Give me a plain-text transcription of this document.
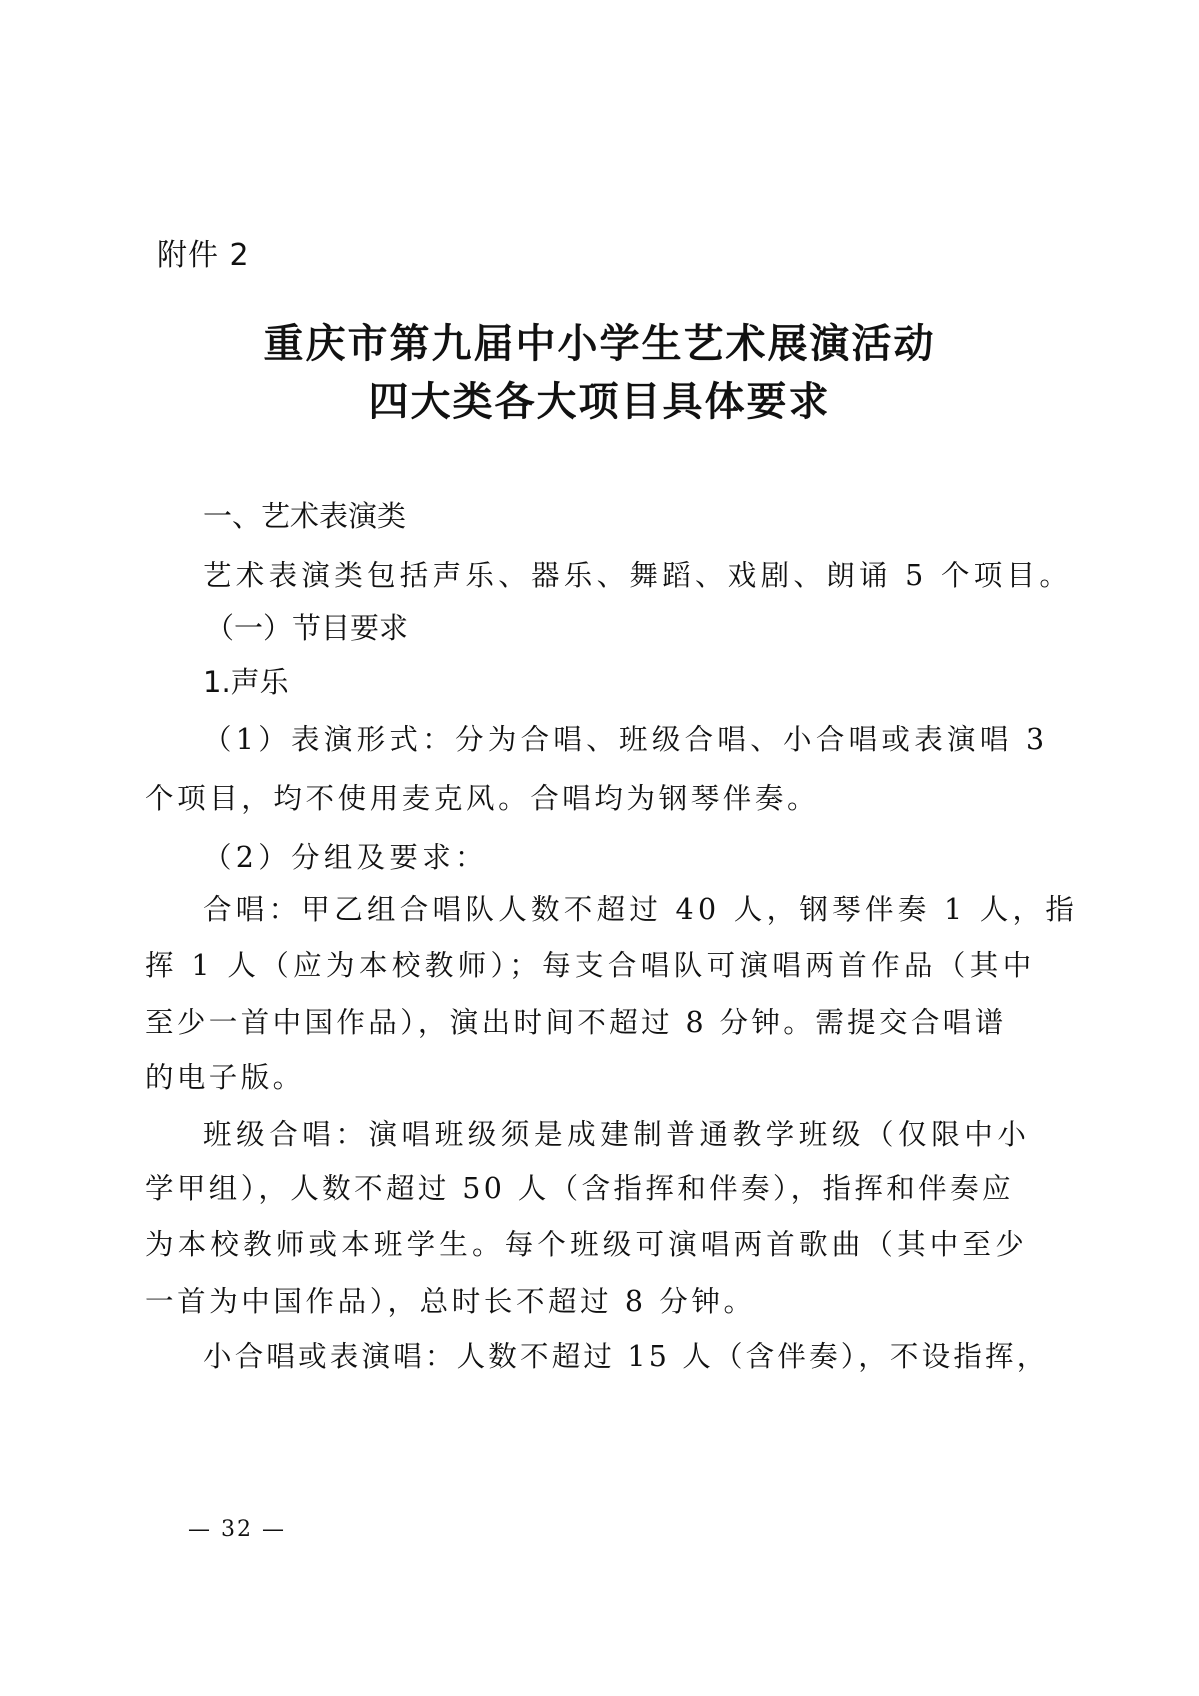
附件 2
重庆市第九届中小学生艺术展演活动
四大类各大项目具体要求
一、艺术表演类
艺术表演类包括声乐、器乐、舞蹈、戏剧、朗诵 5 个项目。
（一）节目要求
1.声乐
（1）表演形式：分为合唱、班级合唱、小合唱或表演唱 3
个项目，均不使用麦克风。合唱均为钢琴伴奏。
（2）分组及要求：
合唱：甲乙组合唱队人数不超过 40 人，钢琴伴奏 1 人，指
挥 1 人（应为本校教师）；每支合唱队可演唱两首作品（其中
至少一首中国作品），演出时间不超过 8 分钟。需提交合唱谱
的电子版。
班级合唱：演唱班级须是成建制普通教学班级（仅限中小
学甲组），人数不超过 50 人（含指挥和伴奏），指挥和伴奏应
为本校教师或本班学生。每个班级可演唱两首歌曲（其中至少
一首为中国作品），总时长不超过 8 分钟。
小合唱或表演唱：人数不超过 15 人（含伴奏），不设指挥，
— 32 —
